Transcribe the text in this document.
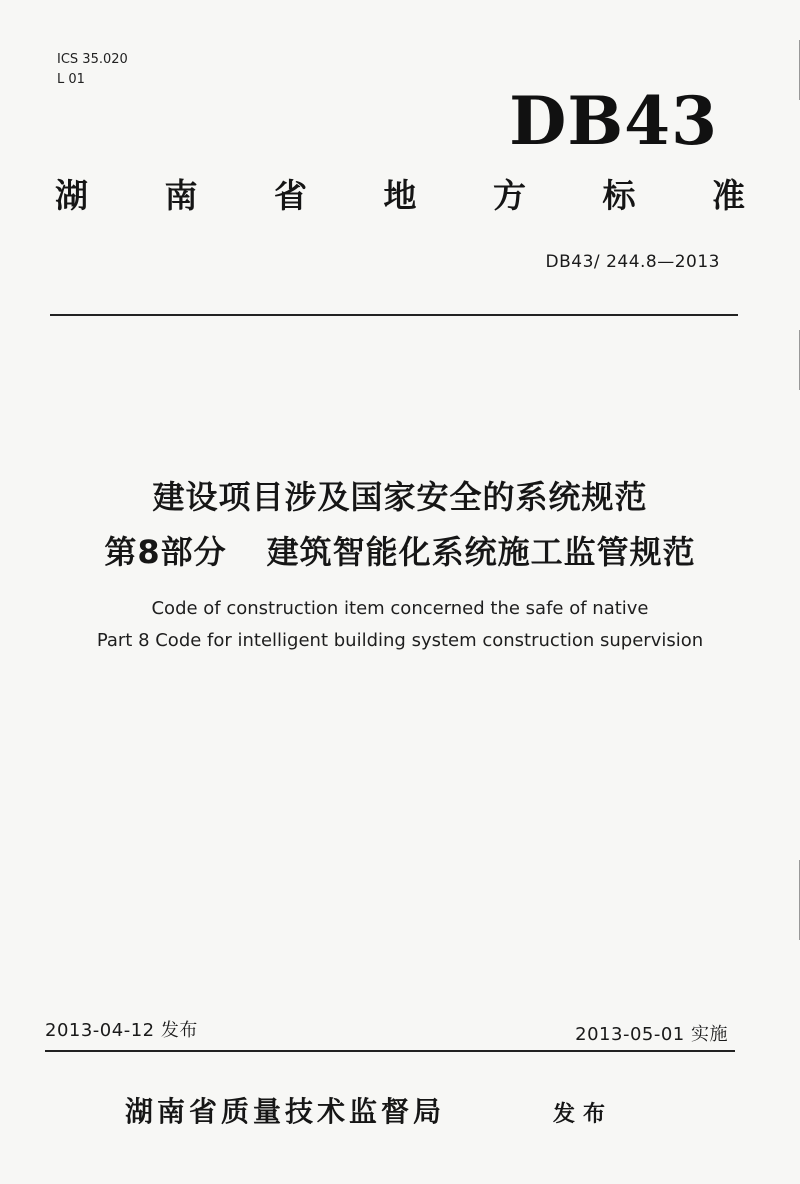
ICS 35.020
L 01
DB43
湖 南 省 地 方 标 准
DB43/ 244.8—2013
建设项目涉及国家安全的系统规范
第8部分 建筑智能化系统施工监管规范
Code of construction item concerned the safe of native
Part 8 Code for intelligent building system construction supervision
2013-04-12 发布	2013-05-01 实施
湖南省质量技术监督局	发布
